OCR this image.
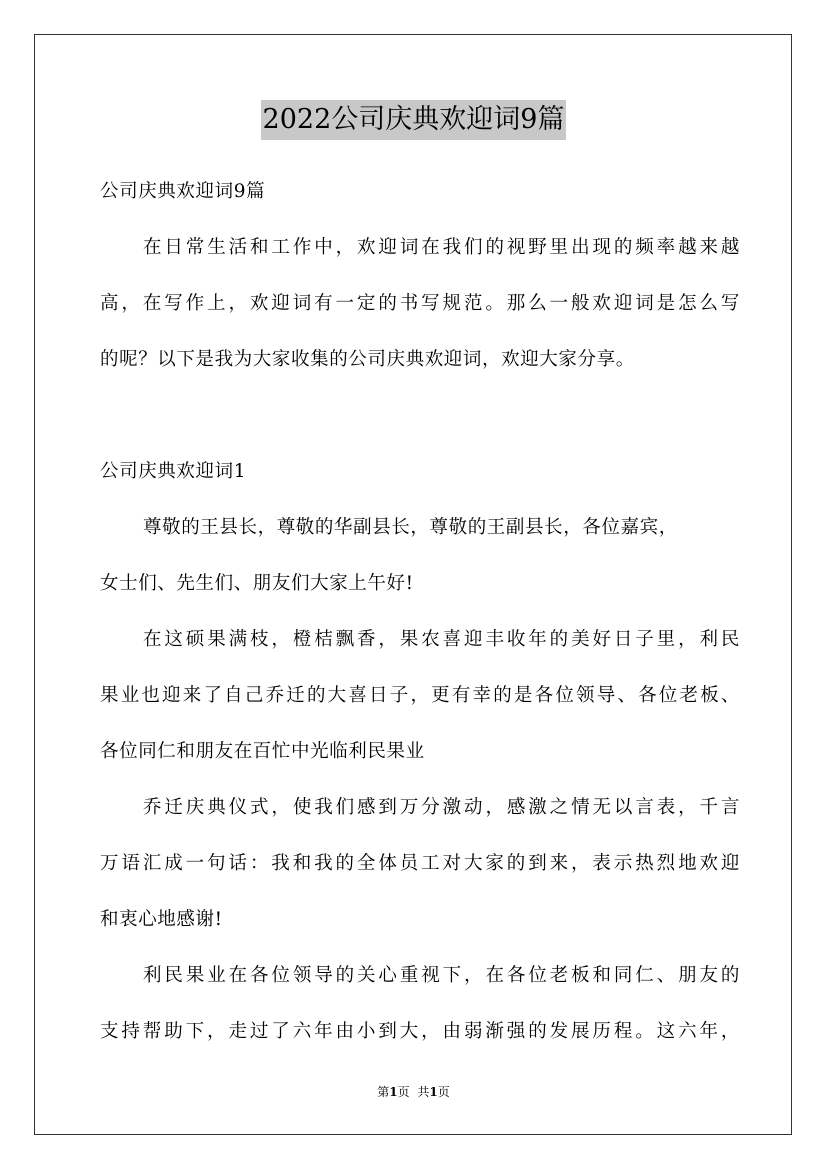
2022公司庆典欢迎词9篇
公司庆典欢迎词9篇
在日常生活和工作中，欢迎词在我们的视野里出现的频率越来越
高，在写作上，欢迎词有一定的书写规范。那么一般欢迎词是怎么写
的呢？以下是我为大家收集的公司庆典欢迎词，欢迎大家分享。
公司庆典欢迎词1
尊敬的王县长，尊敬的华副县长，尊敬的王副县长，各位嘉宾，
女士们、先生们、朋友们大家上午好!
在这硕果满枝，橙桔飘香，果农喜迎丰收年的美好日子里，利民
果业也迎来了自己乔迁的大喜日子，更有幸的是各位领导、各位老板、
各位同仁和朋友在百忙中光临利民果业
乔迁庆典仪式，使我们感到万分激动，感激之情无以言表，千言
万语汇成一句话：我和我的全体员工对大家的到来，表示热烈地欢迎
和衷心地感谢!
利民果业在各位领导的关心重视下，在各位老板和同仁、朋友的
支持帮助下，走过了六年由小到大，由弱渐强的发展历程。这六年，
第1页 共1页
